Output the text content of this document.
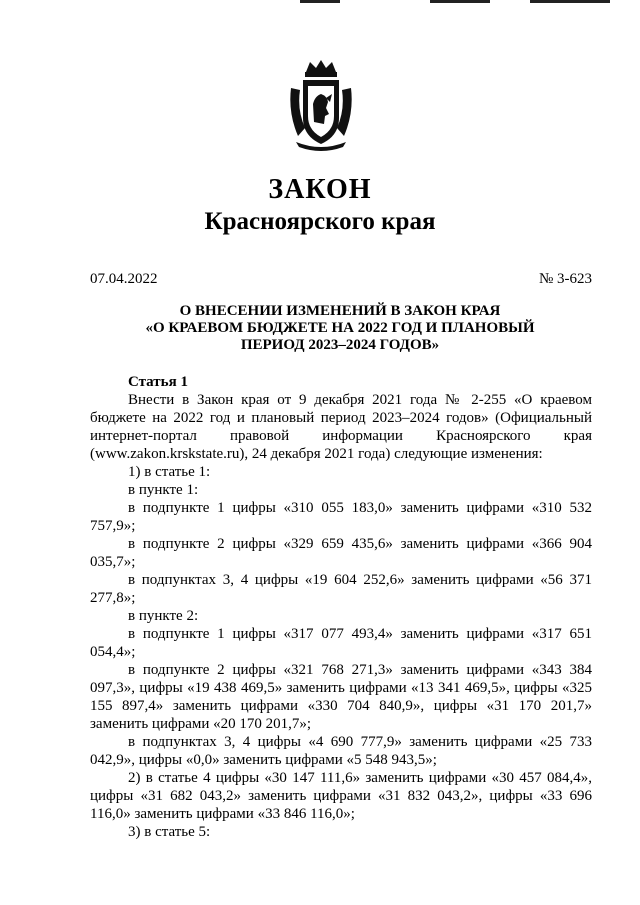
ЗАКОН
Красноярского края
07.04.2022	№ 3-623
О ВНЕСЕНИИ ИЗМЕНЕНИЙ В ЗАКОН КРАЯ
«О КРАЕВОМ БЮДЖЕТЕ НА 2022 ГОД И ПЛАНОВЫЙ
ПЕРИОД 2023–2024 ГОДОВ»
Статья 1

Внести в Закон края от 9 декабря 2021 года № 2-255 «О краевом бюджете на 2022 год и плановый период 2023–2024 годов» (Официальный интернет-портал правовой информации Красноярского края (www.zakon.krskstate.ru), 24 декабря 2021 года) следующие изменения:

1) в статье 1:

в пункте 1:

в подпункте 1 цифры «310 055 183,0» заменить цифрами «310 532 757,9»;

в подпункте 2 цифры «329 659 435,6» заменить цифрами «366 904 035,7»;

в подпунктах 3, 4 цифры «19 604 252,6» заменить цифрами «56 371 277,8»;

в пункте 2:

в подпункте 1 цифры «317 077 493,4» заменить цифрами «317 651 054,4»;

в подпункте 2 цифры «321 768 271,3» заменить цифрами «343 384 097,3», цифры «19 438 469,5» заменить цифрами «13 341 469,5», цифры «325 155 897,4» заменить цифрами «330 704 840,9», цифры «31 170 201,7» заменить цифрами «20 170 201,7»;

в подпунктах 3, 4 цифры «4 690 777,9» заменить цифрами «25 733 042,9», цифры «0,0» заменить цифрами «5 548 943,5»;

2) в статье 4 цифры «30 147 111,6» заменить цифрами «30 457 084,4», цифры «31 682 043,2» заменить цифрами «31 832 043,2», цифры «33 696 116,0» заменить цифрами «33 846 116,0»;

3) в статье 5:
